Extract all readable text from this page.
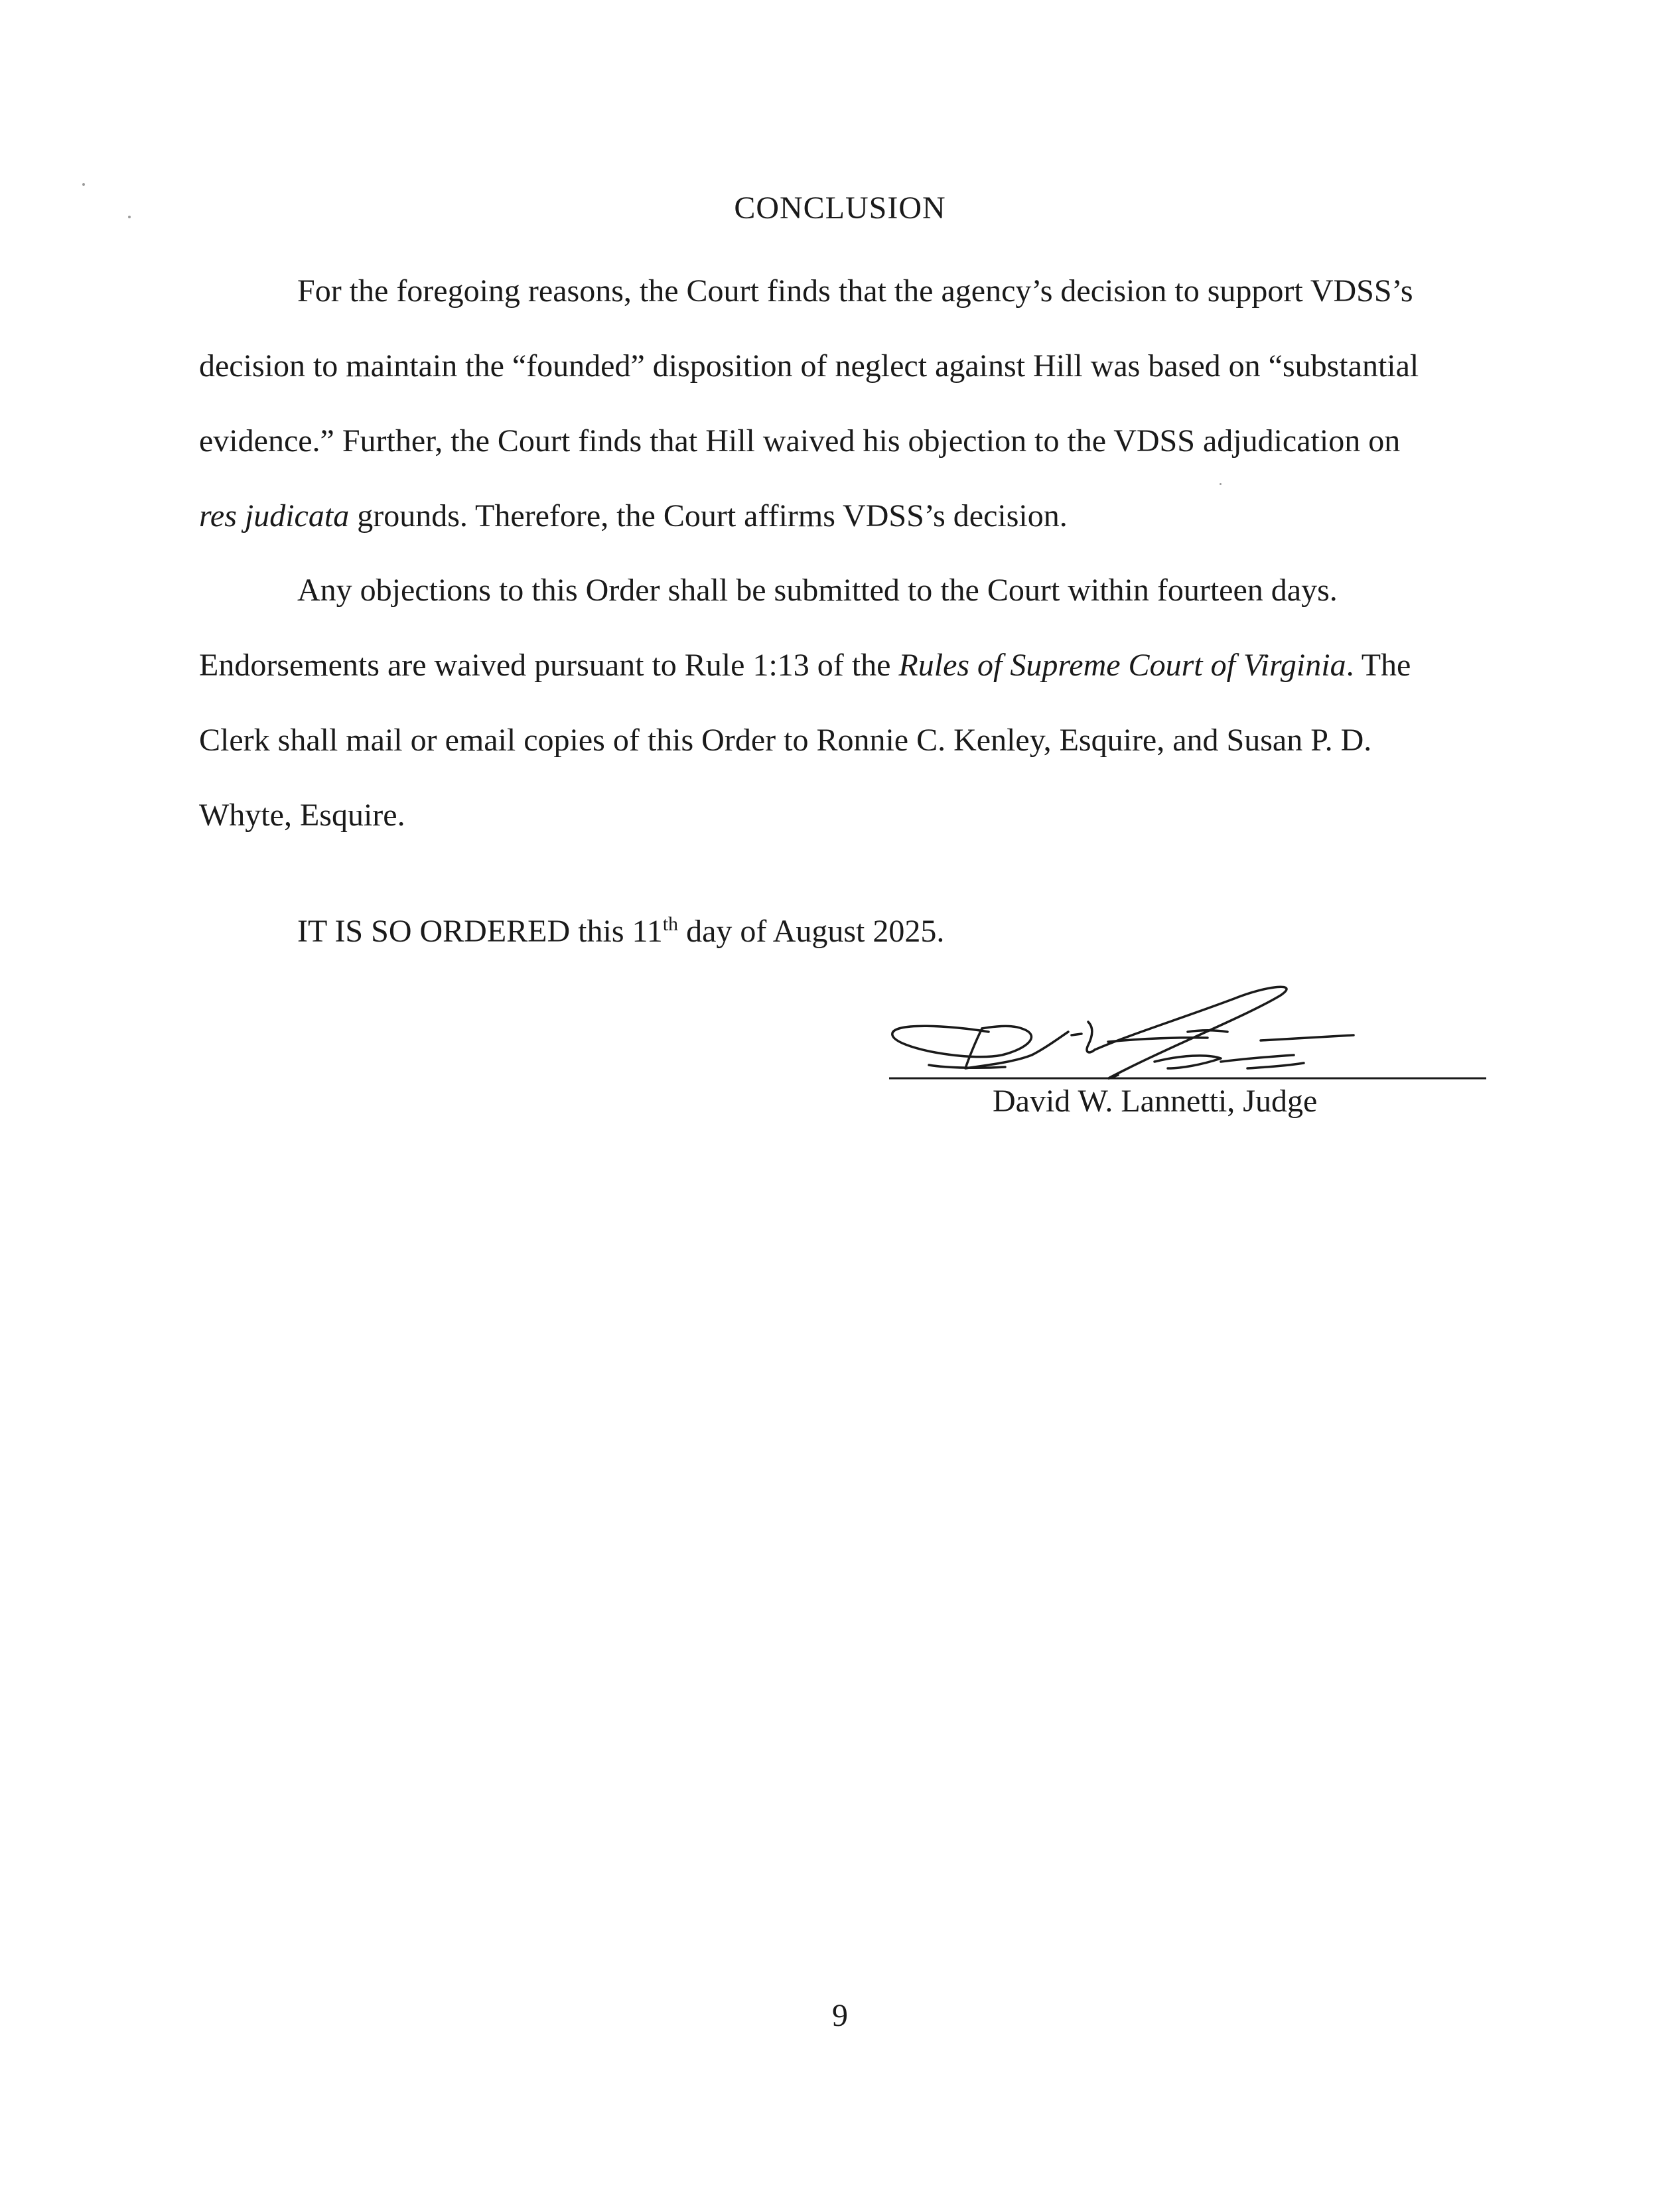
CONCLUSION
For the foregoing reasons, the Court finds that the agency’s decision to support VDSS’s
decision to maintain the “founded” disposition of neglect against Hill was based on “substantial
evidence.” Further, the Court finds that Hill waived his objection to the VDSS adjudication on
res judicata grounds. Therefore, the Court affirms VDSS’s decision.
Any objections to this Order shall be submitted to the Court within fourteen days.
Endorsements are waived pursuant to Rule 1:13 of the Rules of Supreme Court of Virginia. The
Clerk shall mail or email copies of this Order to Ronnie C. Kenley, Esquire, and Susan P. D.
Whyte, Esquire.
IT IS SO ORDERED this 11th day of August 2025.
David W. Lannetti, Judge
9
